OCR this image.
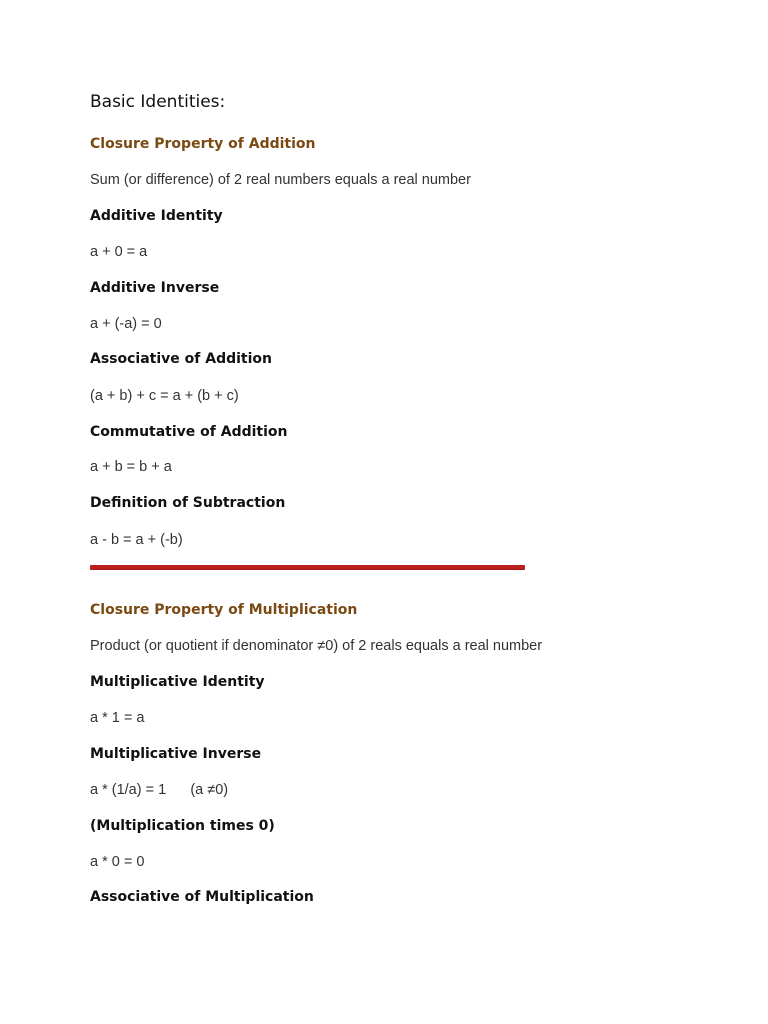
Basic Identities:
Closure Property of Addition
Sum (or difference) of 2 real numbers equals a real number
Additive Identity
a + 0 = a
Additive Inverse
a + (-a) = 0
Associative of Addition
(a + b) + c = a + (b + c)
Commutative of Addition
a + b = b + a
Definition of Subtraction
a - b = a + (-b)
Closure Property of Multiplication
Product (or quotient if denominator ≠0) of 2 reals equals a real number
Multiplicative Identity
a * 1 = a
Multiplicative Inverse
a * (1/a) = 1      (a ≠0)
(Multiplication times 0)
a * 0 = 0
Associative of Multiplication
